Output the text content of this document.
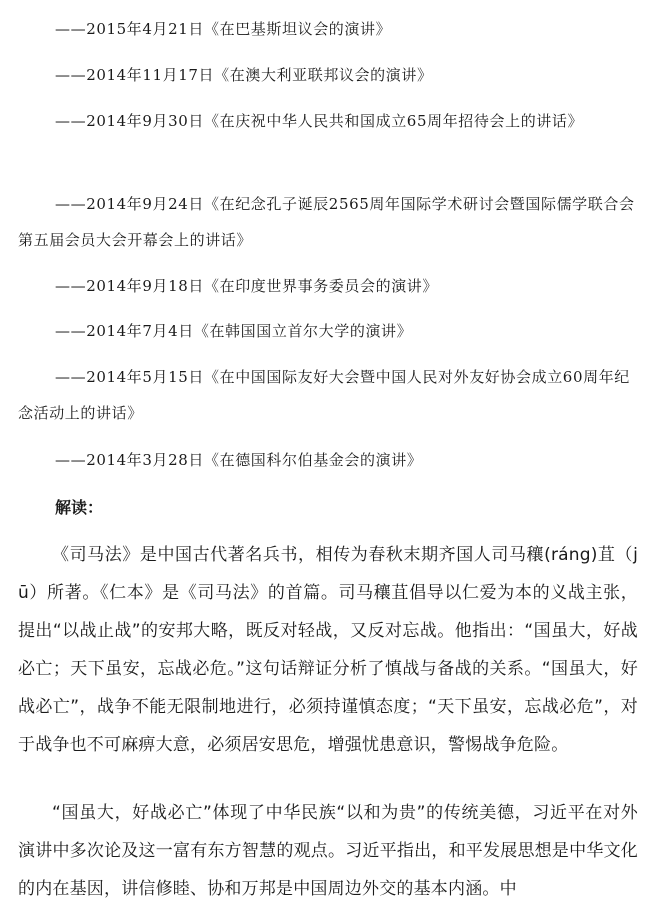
——2015年4月21日《在巴基斯坦议会的演讲》
——2014年11月17日《在澳大利亚联邦议会的演讲》
——2014年9月30日《在庆祝中华人民共和国成立65周年招待会上的讲话》
——2014年9月24日《在纪念孔子诞辰2565周年国际学术研讨会暨国际儒学联合会第五届会员大会开幕会上的讲话》
——2014年9月18日《在印度世界事务委员会的演讲》
——2014年7月4日《在韩国国立首尔大学的演讲》
——2014年5月15日《在中国国际友好大会暨中国人民对外友好协会成立60周年纪念活动上的讲话》
——2014年3月28日《在德国科尔伯基金会的演讲》
解读：
《司马法》是中国古代著名兵书，相传为春秋末期齐国人司马穰(ráng)苴（jū）所著。《仁本》是《司马法》的首篇。司马穰苴倡导以仁爱为本的义战主张，提出“以战止战”的安邦大略，既反对轻战，又反对忘战。他指出：“国虽大，好战必亡；天下虽安，忘战必危。”这句话辩证分析了慎战与备战的关系。“国虽大，好战必亡”，战争不能无限制地进行，必须持谨慎态度；“天下虽安，忘战必危”，对于战争也不可麻痹大意，必须居安思危，增强忧患意识，警惕战争危险。
“国虽大，好战必亡”体现了中华民族“以和为贵”的传统美德，习近平在对外演讲中多次论及这一富有东方智慧的观点。习近平指出，和平发展思想是中华文化的内在基因，讲信修睦、协和万邦是中国周边外交的基本内涵。中
